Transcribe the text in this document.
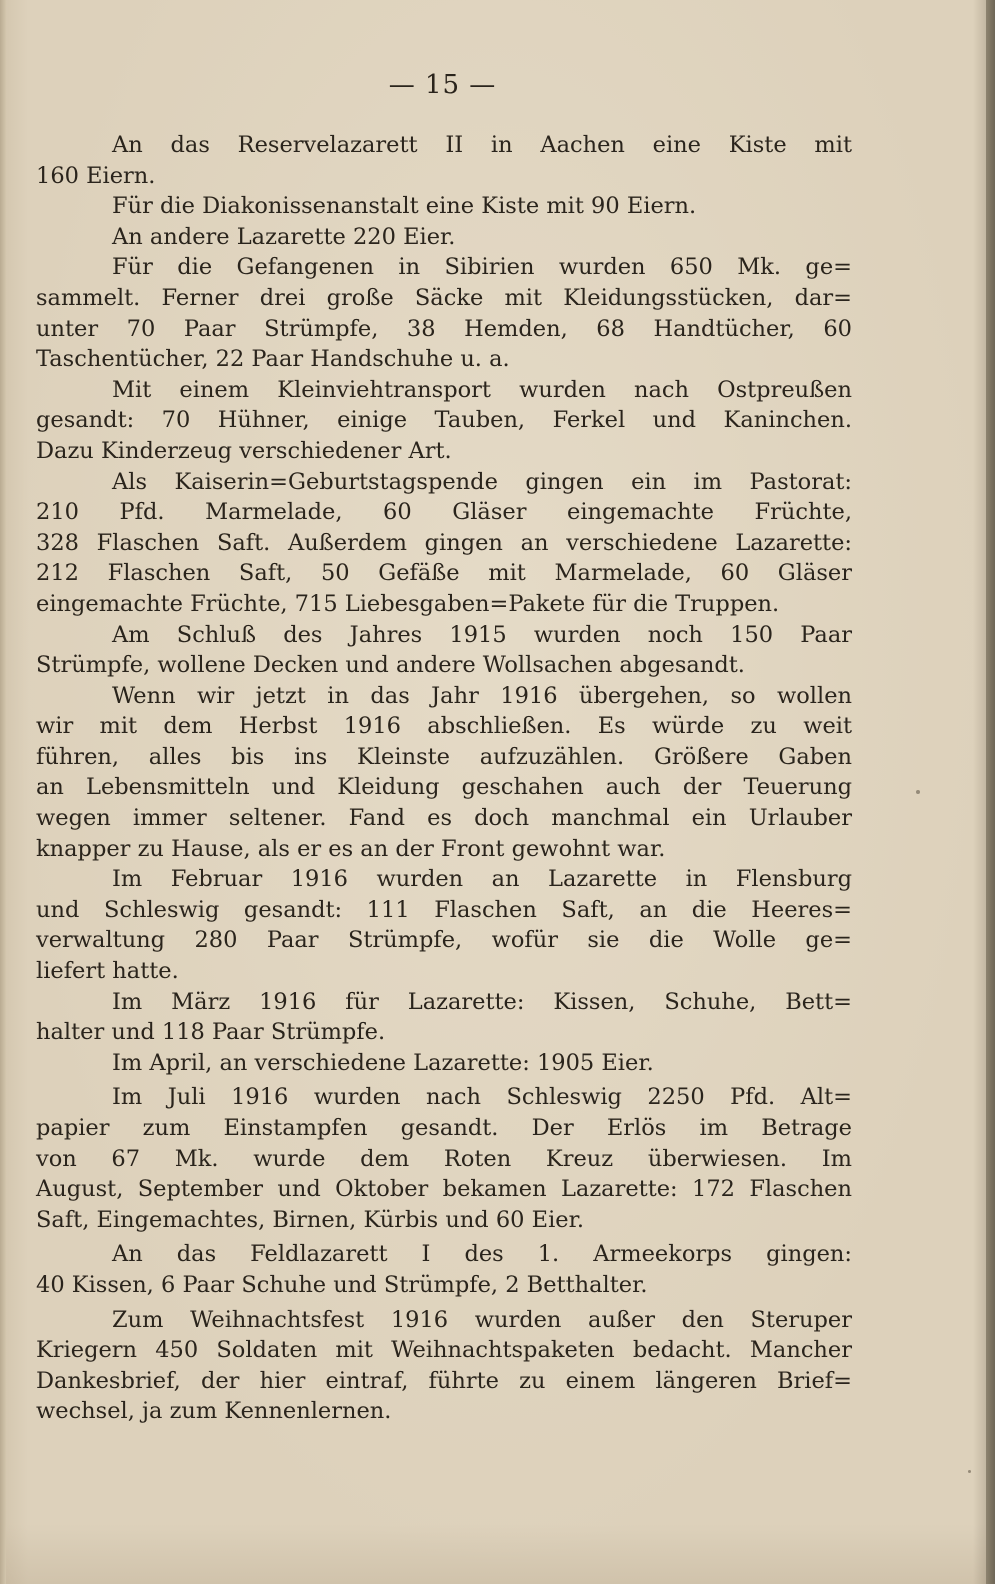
— 15 —
An das Reservelazarett II in Aachen eine Kiste mit
160 Eiern.
Für die Diakonissenanstalt eine Kiste mit 90 Eiern.
An andere Lazarette 220 Eier.
Für die Gefangenen in Sibirien wurden 650 Mk. ge=
sammelt. Ferner drei große Säcke mit Kleidungsstücken, dar=
unter 70 Paar Strümpfe, 38 Hemden, 68 Handtücher, 60
Taschentücher, 22 Paar Handschuhe u. a.
Mit einem Kleinviehtransport wurden nach Ostpreußen
gesandt: 70 Hühner, einige Tauben, Ferkel und Kaninchen.
Dazu Kinderzeug verschiedener Art.
Als Kaiserin=Geburtstagspende gingen ein im Pastorat:
210 Pfd. Marmelade, 60 Gläser eingemachte Früchte,
328 Flaschen Saft. Außerdem gingen an verschiedene Lazarette:
212 Flaschen Saft, 50 Gefäße mit Marmelade, 60 Gläser
eingemachte Früchte, 715 Liebesgaben=Pakete für die Truppen.
Am Schluß des Jahres 1915 wurden noch 150 Paar
Strümpfe, wollene Decken und andere Wollsachen abgesandt.
Wenn wir jetzt in das Jahr 1916 übergehen, so wollen
wir mit dem Herbst 1916 abschließen. Es würde zu weit
führen, alles bis ins Kleinste aufzuzählen. Größere Gaben
an Lebensmitteln und Kleidung geschahen auch der Teuerung
wegen immer seltener. Fand es doch manchmal ein Urlauber
knapper zu Hause, als er es an der Front gewohnt war.
Im Februar 1916 wurden an Lazarette in Flensburg
und Schleswig gesandt: 111 Flaschen Saft, an die Heeres=
verwaltung 280 Paar Strümpfe, wofür sie die Wolle ge=
liefert hatte.
Im März 1916 für Lazarette: Kissen, Schuhe, Bett=
halter und 118 Paar Strümpfe.
Im April, an verschiedene Lazarette: 1905 Eier.
Im Juli 1916 wurden nach Schleswig 2250 Pfd. Alt=
papier zum Einstampfen gesandt. Der Erlös im Betrage
von 67 Mk. wurde dem Roten Kreuz überwiesen. Im
August, September und Oktober bekamen Lazarette: 172 Flaschen
Saft, Eingemachtes, Birnen, Kürbis und 60 Eier.
An das Feldlazarett I des 1. Armeekorps gingen:
40 Kissen, 6 Paar Schuhe und Strümpfe, 2 Betthalter.
Zum Weihnachtsfest 1916 wurden außer den Steruper
Kriegern 450 Soldaten mit Weihnachtspaketen bedacht. Mancher
Dankesbrief, der hier eintraf, führte zu einem längeren Brief=
wechsel, ja zum Kennenlernen.
